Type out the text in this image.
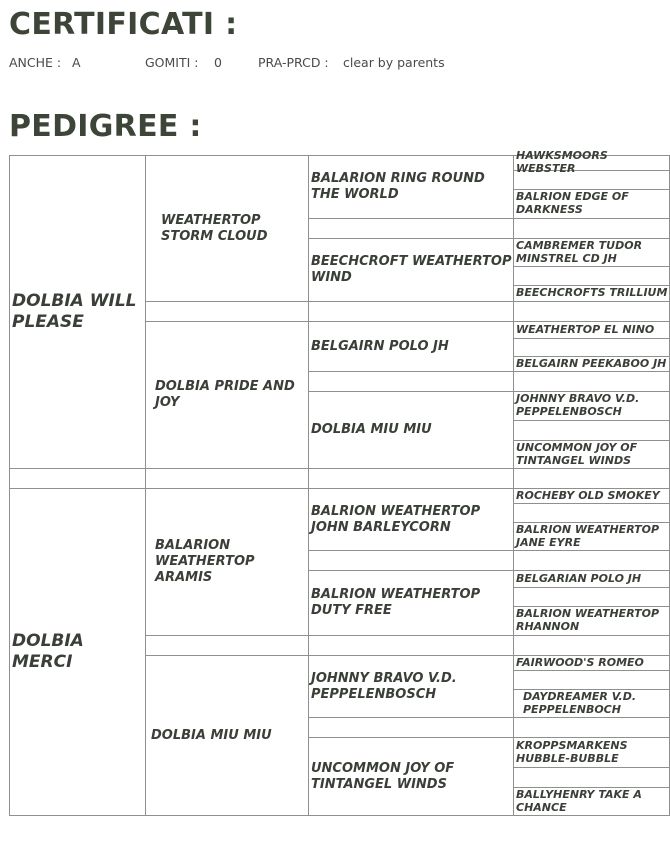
CERTIFICATI :
ANCHE : A	GOMITI : 0	PRA-PRCD : clear by parents
PEDIGREE :
DOLBIA WILL PLEASE
DOLBIA MERCI
WEATHERTOP STORM CLOUD
DOLBIA PRIDE AND JOY
BALARION WEATHERTOP ARAMIS
DOLBIA MIU MIU
BALARION RING ROUND THE WORLD
BEECHCROFT WEATHERTOP WIND
BELGAIRN POLO JH
DOLBIA MIU MIU
BALRION WEATHERTOP JOHN BARLEYCORN
BALRION WEATHERTOP DUTY FREE
JOHNNY BRAVO V.D. PEPPELENBOSCH
UNCOMMON JOY OF TINTANGEL WINDS
HAWKSMOORS WEBSTER
BALRION EDGE OF DARKNESS
CAMBREMER TUDOR MINSTREL CD JH
BEECHCROFTS TRILLIUM
WEATHERTOP EL NINO
BELGAIRN PEEKABOO JH
JOHNNY BRAVO V.D. PEPPELENBOSCH
UNCOMMON JOY OF TINTANGEL WINDS
ROCHEBY OLD SMOKEY
BALRION WEATHERTOP JANE EYRE
BELGARIAN POLO JH
BALRION WEATHERTOP RHANNON
FAIRWOOD'S ROMEO
DAYDREAMER V.D. PEPPELENBOCH
KROPPSMARKENS HUBBLE-BUBBLE
BALLYHENRY TAKE A CHANCE
